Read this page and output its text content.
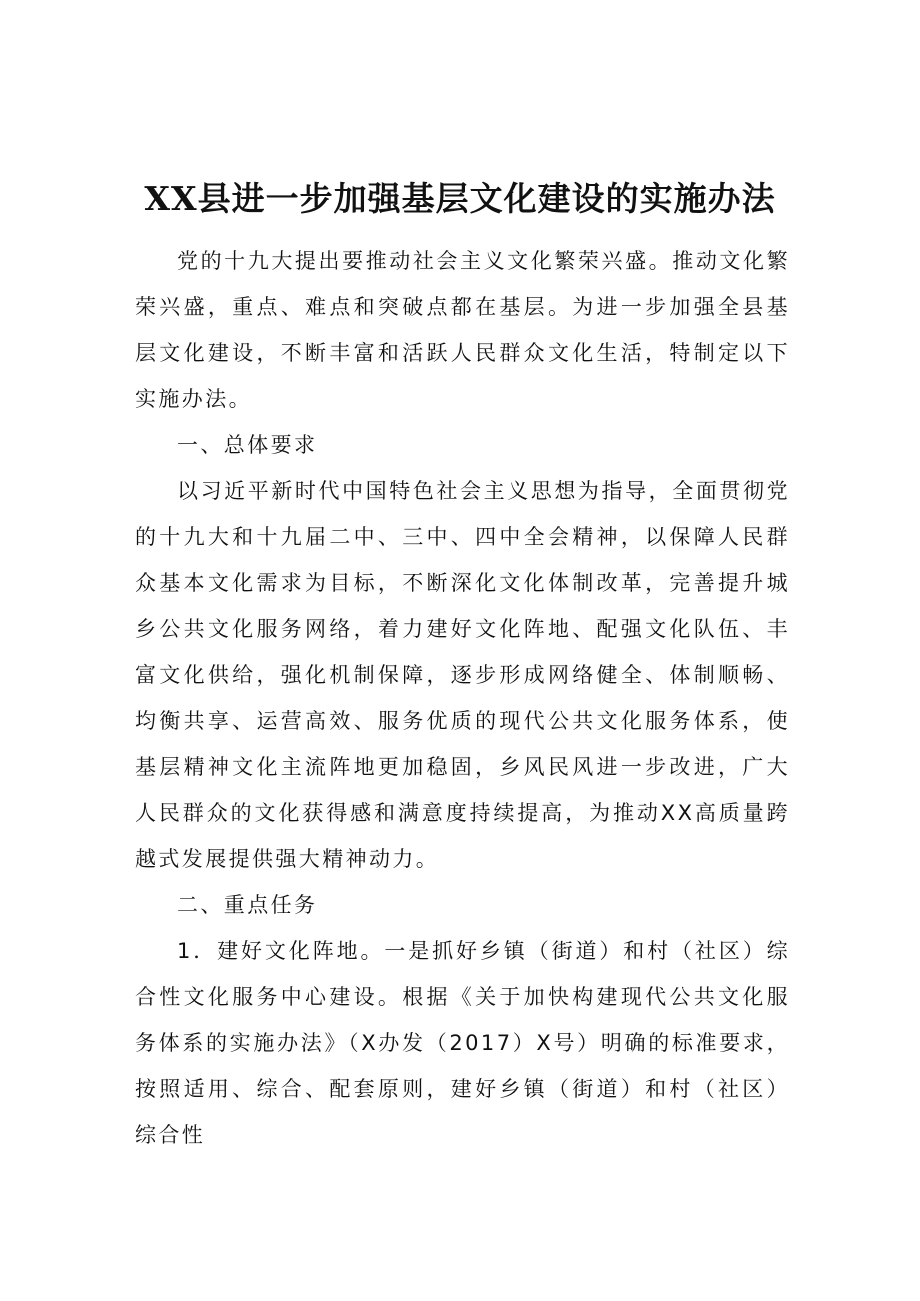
XX县进一步加强基层文化建设的实施办法

党的十九大提出要推动社会主义文化繁荣兴盛。推动文化繁荣兴盛，重点、难点和突破点都在基层。为进一步加强全县基层文化建设，不断丰富和活跃人民群众文化生活，特制定以下实施办法。

一、总体要求

以习近平新时代中国特色社会主义思想为指导，全面贯彻党的十九大和十九届二中、三中、四中全会精神，以保障人民群众基本文化需求为目标，不断深化文化体制改革，完善提升城乡公共文化服务网络，着力建好文化阵地、配强文化队伍、丰富文化供给，强化机制保障，逐步形成网络健全、体制顺畅、均衡共享、运营高效、服务优质的现代公共文化服务体系，使基层精神文化主流阵地更加稳固，乡风民风进一步改进，广大人民群众的文化获得感和满意度持续提高，为推动XX高质量跨越式发展提供强大精神动力。

二、重点任务

1．建好文化阵地。一是抓好乡镇（街道）和村（社区）综合性文化服务中心建设。根据《关于加快构建现代公共文化服务体系的实施办法》（X办发（2017）X号）明确的标准要求，按照适用、综合、配套原则，建好乡镇（街道）和村（社区）综合性
